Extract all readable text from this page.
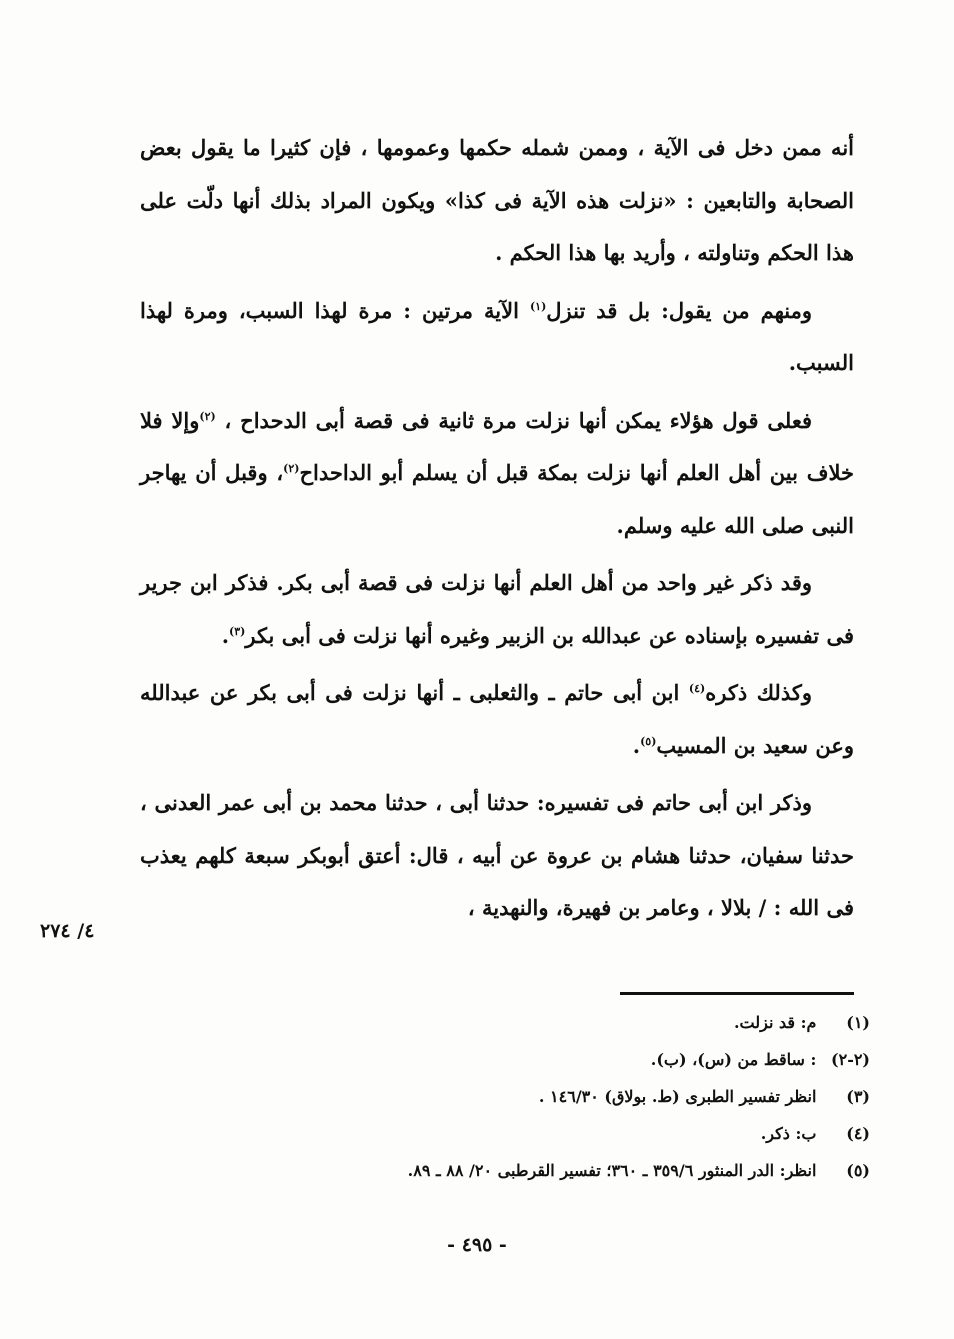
أنه ممن دخل فى الآية ، وممن شمله حكمها وعمومها ، فإن كثيرا ما يقول بعض الصحابة والتابعين : «نزلت هذه الآية فى كذا» ويكون المراد بذلك أنها دلّت على هذا الحكم وتناولته ، وأريد بها هذا الحكم .

ومنهم من يقول: بل قد تنزل$^{(١)}$ الآية مرتين : مرة لهذا السبب، ومرة لهذا السبب.

فعلى قول هؤلاء يمكن أنها نزلت مرة ثانية فى قصة أبى الدحداح ، $^{(٢)}$وإلا فلا خلاف بين أهل العلم أنها نزلت بمكة قبل أن يسلم أبو الداحداح$^{(٢)}$، وقبل أن يهاجر النبى صلى الله عليه وسلم.

وقد ذكر غير واحد من أهل العلم أنها نزلت فى قصة أبى بكر. فذكر ابن جرير فى تفسيره بإسناده عن عبدالله بن الزبير وغيره أنها نزلت فى أبى بكر$^{(٣)}$.

وكذلك ذكره$^{(٤)}$ ابن أبى حاتم ـ والثعلبى ـ أنها نزلت فى أبى بكر عن عبدالله وعن سعيد بن المسيب$^{(٥)}$.

وذكر ابن أبى حاتم فى تفسيره: حدثنا أبى ، حدثنا محمد بن أبى عمر العدنى ، حدثنا سفيان، حدثنا هشام بن عروة عن أبيه ، قال: أعتق أبوبكر سبعة كلهم يعذب فى الله : / بلالا ، وعامر بن فهيرة، والنهدية ،

٤/ ٢٧٤
(١) م: قد نزلت.
(٢-٢) : ساقط من (س)، (ب).
(٣) انظر تفسير الطبرى (ط. بولاق) ١٤٦/٣٠ .
(٤) ب: ذكر.
(٥) انظر: الدر المنثور ٣٥٩/٦ ـ ٣٦٠؛ تفسير القرطبى ٢٠/ ٨٨ ـ ٨٩.
- ٤٩٥ -
